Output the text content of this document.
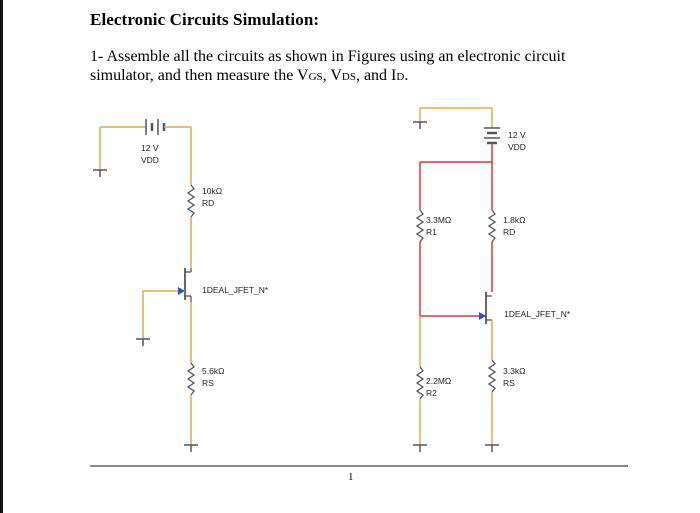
Electronic Circuits Simulation:
1- Assemble all the circuits as shown in Figures using an electronic circuit
simulator, and then measure the VGS, VDS, and ID.
12 V
VDD
10kΩ
RD
1DEAL_JFET_N*
5.6kΩ
RS
12 V
VDD
3.3MΩ
R1
1.8kΩ
RD
1DEAL_JFET_N*
2.2MΩ
R2
3.3kΩ
RS
1
